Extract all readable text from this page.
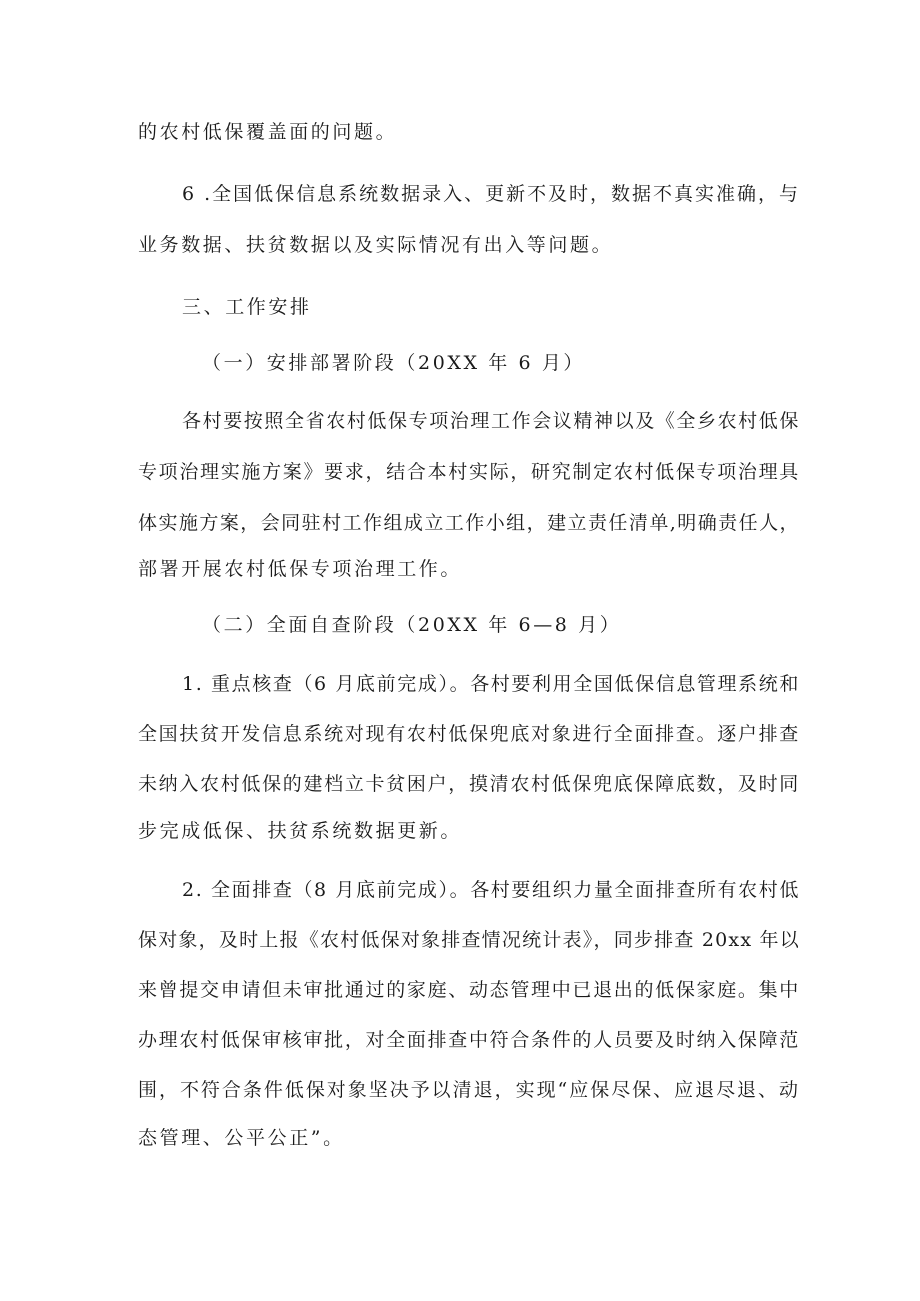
的农村低保覆盖面的问题。
6 .全国低保信息系统数据录入、更新不及时，数据不真实准确，与
业务数据、扶贫数据以及实际情况有出入等问题。
三、工作安排
（一）安排部署阶段（20XX 年 6 月）
各村要按照全省农村低保专项治理工作会议精神以及《全乡农村低保
专项治理实施方案》要求，结合本村实际，研究制定农村低保专项治理具
体实施方案，会同驻村工作组成立工作小组，建立责任清单,明确责任人，
部署开展农村低保专项治理工作。
（二）全面自查阶段（20XX 年 6—8 月）
1. 重点核查（6 月底前完成）。各村要利用全国低保信息管理系统和
全国扶贫开发信息系统对现有农村低保兜底对象进行全面排查。逐户排查
未纳入农村低保的建档立卡贫困户，摸清农村低保兜底保障底数，及时同
步完成低保、扶贫系统数据更新。
2. 全面排查（8 月底前完成）。各村要组织力量全面排查所有农村低
保对象，及时上报《农村低保对象排查情况统计表》，同步排查 20xx 年以
来曾提交申请但未审批通过的家庭、动态管理中已退出的低保家庭。集中
办理农村低保审核审批，对全面排查中符合条件的人员要及时纳入保障范
围，不符合条件低保对象坚决予以清退，实现“应保尽保、应退尽退、动
态管理、公平公正”。
